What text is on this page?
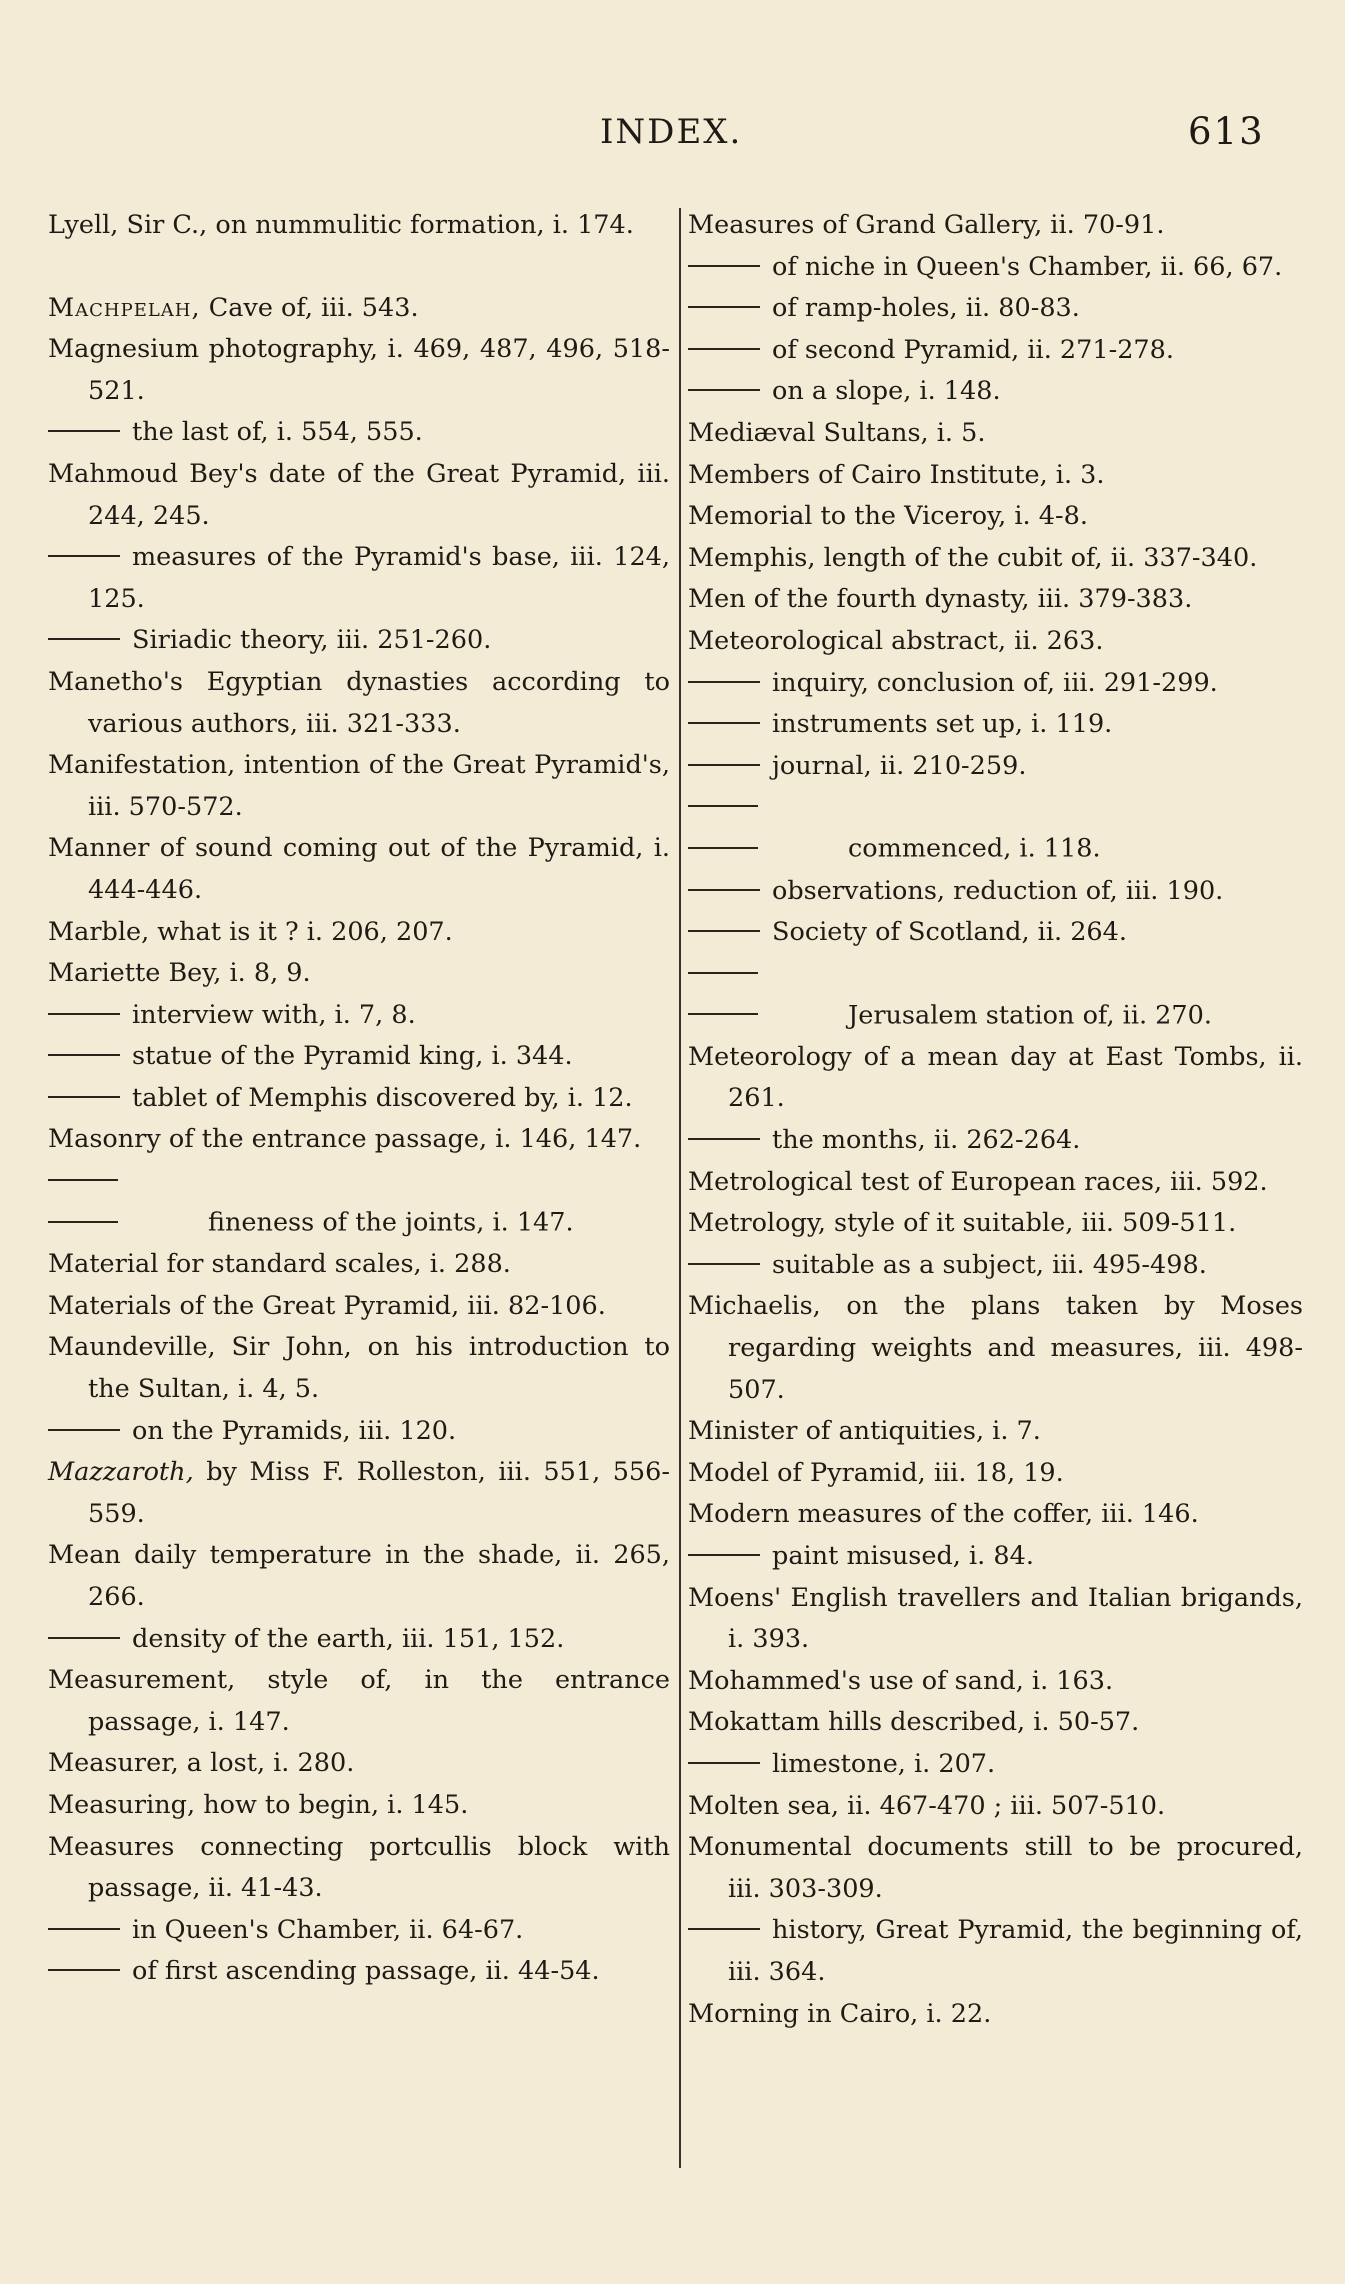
INDEX.	613
Lyell, Sir C., on nummulitic formation, i. 174.
Machpelah, Cave of, iii. 543.
Magnesium photography, i. 469, 487, 496, 518-521.
the last of, i. 554, 555.
Mahmoud Bey's date of the Great Pyramid, iii. 244, 245.
measures of the Pyramid's base, iii. 124, 125.
Siriadic theory, iii. 251-260.
Manetho's Egyptian dynasties according to various authors, iii. 321-333.
Manifestation, intention of the Great Pyramid's, iii. 570-572.
Manner of sound coming out of the Pyramid, i. 444-446.
Marble, what is it ? i. 206, 207.
Mariette Bey, i. 8, 9.
interview with, i. 7, 8.
statue of the Pyramid king, i. 344.
tablet of Memphis discovered by, i. 12.
Masonry of the entrance passage, i. 146, 147.
fineness of the joints, i. 147.
Material for standard scales, i. 288.
Materials of the Great Pyramid, iii. 82-106.
Maundeville, Sir John, on his introduction to the Sultan, i. 4, 5.
on the Pyramids, iii. 120.
Mazzaroth, by Miss F. Rolleston, iii. 551, 556-559.
Mean daily temperature in the shade, ii. 265, 266.
density of the earth, iii. 151, 152.
Measurement, style of, in the entrance passage, i. 147.
Measurer, a lost, i. 280.
Measuring, how to begin, i. 145.
Measures connecting portcullis block with passage, ii. 41-43.
in Queen's Chamber, ii. 64-67.
of first ascending passage, ii. 44-54.
Measures of Grand Gallery, ii. 70-91.
of niche in Queen's Chamber, ii. 66, 67.
of ramp-holes, ii. 80-83.
of second Pyramid, ii. 271-278.
on a slope, i. 148.
Mediæval Sultans, i. 5.
Members of Cairo Institute, i. 3.
Memorial to the Viceroy, i. 4-8.
Memphis, length of the cubit of, ii. 337-340.
Men of the fourth dynasty, iii. 379-383.
Meteorological abstract, ii. 263.
inquiry, conclusion of, iii. 291-299.
instruments set up, i. 119.
journal, ii. 210-259.
commenced, i. 118.
observations, reduction of, iii. 190.
Society of Scotland, ii. 264.
Jerusalem station of, ii. 270.
Meteorology of a mean day at East Tombs, ii. 261.
the months, ii. 262-264.
Metrological test of European races, iii. 592.
Metrology, style of it suitable, iii. 509-511.
suitable as a subject, iii. 495-498.
Michaelis, on the plans taken by Moses regarding weights and measures, iii. 498-507.
Minister of antiquities, i. 7.
Model of Pyramid, iii. 18, 19.
Modern measures of the coffer, iii. 146.
paint misused, i. 84.
Moens' English travellers and Italian brigands, i. 393.
Mohammed's use of sand, i. 163.
Mokattam hills described, i. 50-57.
limestone, i. 207.
Molten sea, ii. 467-470 ; iii. 507-510.
Monumental documents still to be procured, iii. 303-309.
history, Great Pyramid, the beginning of, iii. 364.
Morning in Cairo, i. 22.
